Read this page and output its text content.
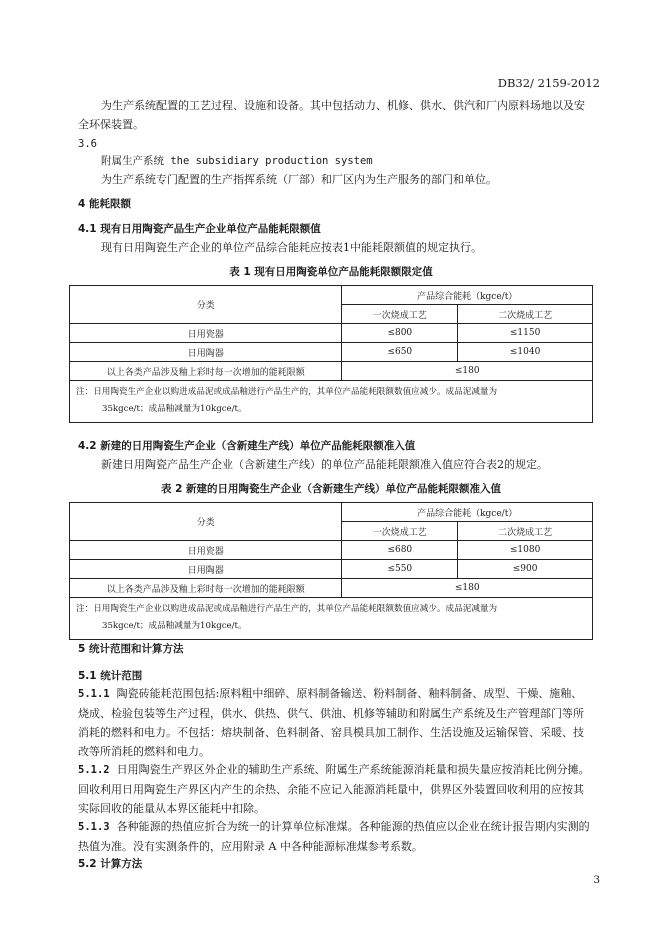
DB32/ 2159-2012
为生产系统配置的工艺过程、设施和设备。其中包括动力、机修、供水、供汽和厂内原料场地以及安全环保装置。
3.6
附属生产系统 the subsidiary production system
为生产系统专门配置的生产指挥系统（厂部）和厂区内为生产服务的部门和单位。
4 能耗限额
4.1 现有日用陶瓷产品生产企业单位产品能耗限额值
现有日用陶瓷生产企业的单位产品综合能耗应按表1中能耗限额值的规定执行。
表 1 现有日用陶瓷单位产品能耗限额限定值
分类	产品综合能耗（kgce/t）	
	一次烧成工艺	二次烧成工艺
日用瓷器	≤800	≤1150
日用陶器	≤650	≤1040
以上各类产品涉及釉上彩时每一次增加的能耗限额	≤180	
注：日用陶瓷生产企业以购进成品泥或成品釉进行产品生产的，其单位产品能耗限额数值应减少。成品泥减量为
35kgce/t；成品釉减量为10kgce/t。		
4.2 新建的日用陶瓷生产企业（含新建生产线）单位产品能耗限额准入值
新建日用陶瓷产品生产企业（含新建生产线）的单位产品能耗限额准入值应符合表2的规定。
表 2 新建的日用陶瓷生产企业（含新建生产线）单位产品能耗限额准入值
分类	产品综合能耗（kgce/t）	
	一次烧成工艺	二次烧成工艺
日用瓷器	≤680	≤1080
日用陶器	≤550	≤900
以上各类产品涉及釉上彩时每一次增加的能耗限额	≤180	
注：日用陶瓷生产企业以购进成品泥或成品釉进行产品生产的，其单位产品能耗限额数值应减少。成品泥减量为
35kgce/t；成品釉减量为10kgce/t。		
5 统计范围和计算方法
5.1 统计范围
5.1.1 陶瓷砖能耗范围包括:原料粗中细碎、原料制备输送、粉料制备、釉料制备、成型、干燥、施釉、烧成、检验包装等生产过程，供水、供热、供气、供油、机修等辅助和附属生产系统及生产管理部门等所消耗的燃料和电力。不包括：熔块制备、色料制备、窑具模具加工制作、生活设施及运输保管、采暖、技改等所消耗的燃料和电力。
5.1.2 日用陶瓷生产界区外企业的辅助生产系统、附属生产系统能源消耗量和损失量应按消耗比例分摊。回收利用日用陶瓷生产界区内产生的余热、余能不应记入能源消耗量中，供界区外装置回收利用的应按其实际回收的能量从本界区能耗中扣除。
5.1.3 各种能源的热值应折合为统一的计算单位标准煤。各种能源的热值应以企业在统计报告期内实测的热值为准。没有实测条件的，应用附录 A 中各种能源标准煤参考系数。
5.2 计算方法
3
